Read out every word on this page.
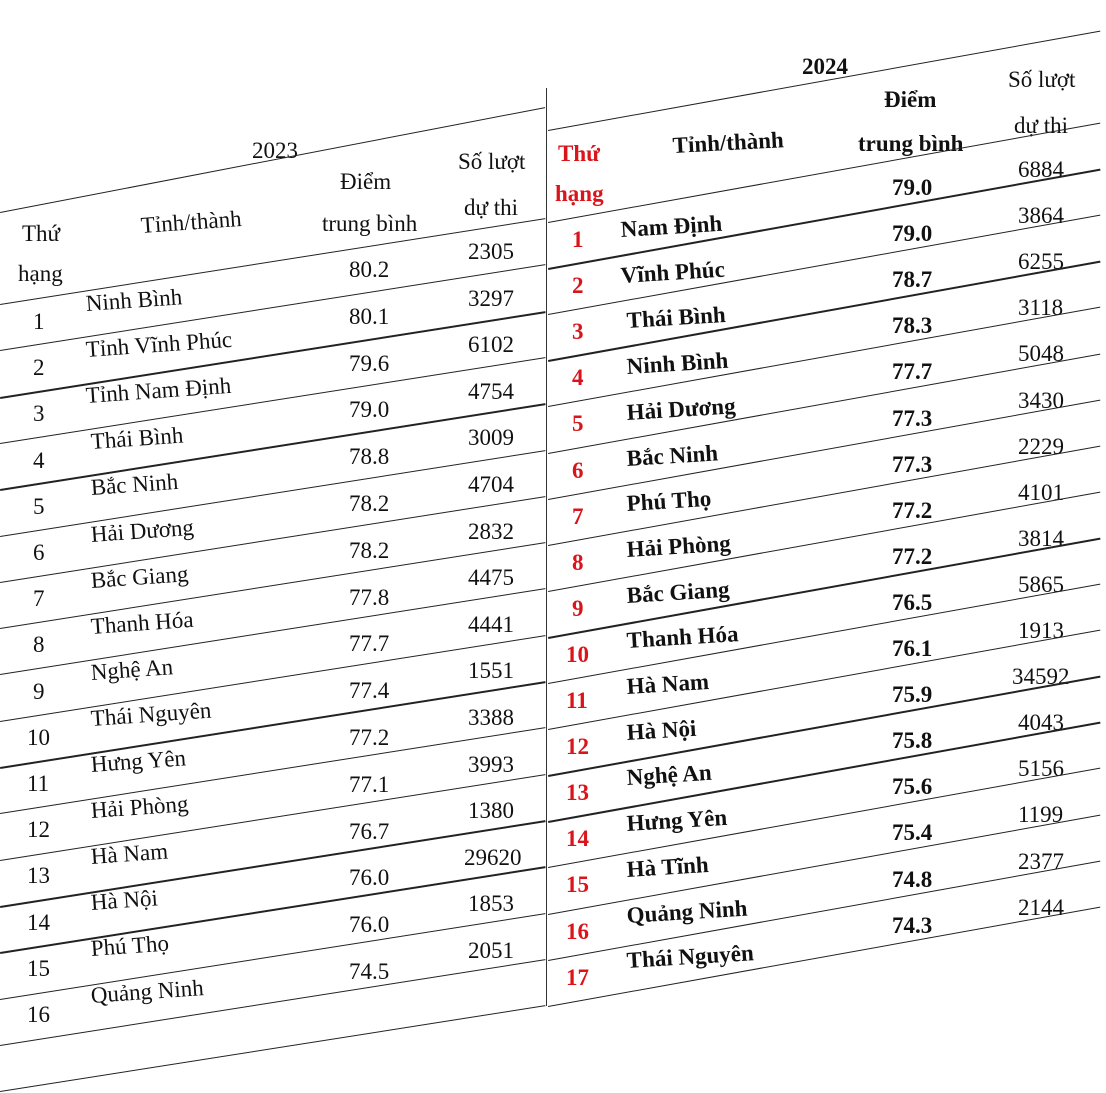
2023
Thứ
hạng
Tỉnh/thành
Điểm
trung bình
Số lượt
dự thi
2024
Thứ
hạng
Tỉnh/thành
Điểm
trung bình
Số lượt
dự thi
1
Ninh Bình
80.2
2305
2
Tỉnh Vĩnh Phúc
80.1
3297
3
Tỉnh Nam Định
79.6
6102
4
Thái Bình
79.0
4754
5
Bắc Ninh
78.8
3009
6
Hải Dương
78.2
4704
7
Bắc Giang
78.2
2832
8
Thanh Hóa
77.8
4475
9
Nghệ An
77.7
4441
10
Thái Nguyên
77.4
1551
11
Hưng Yên
77.2
3388
12
Hải Phòng
77.1
3993
13
Hà Nam
76.7
1380
14
Hà Nội
76.0
29620
15
Phú Thọ
76.0
1853
16
Quảng Ninh
74.5
2051
1 Nam Định
79.0
6884
2 Vĩnh Phúc
79.0
3864
3 Thái Bình
78.7
6255
4 Ninh Bình
78.3
3118
5 Hải Dương
77.7
5048
6 Bắc Ninh
77.3
3430
7 Phú Thọ
77.3
2229
8
Hải Phòng
77.2
4101
9
Bắc Giang
77.2
3814
10
Thanh Hóa
76.5
5865
11
Hà Nam
76.1
1913
12
Hà Nội
75.9
34592
13
Nghệ An
75.8
4043
14
Hưng Yên
75.6
5156
15
Hà Tĩnh
75.4
1199
16
Quảng Ninh
74.8
2377
17
Thái Nguyên
74.3
2144
